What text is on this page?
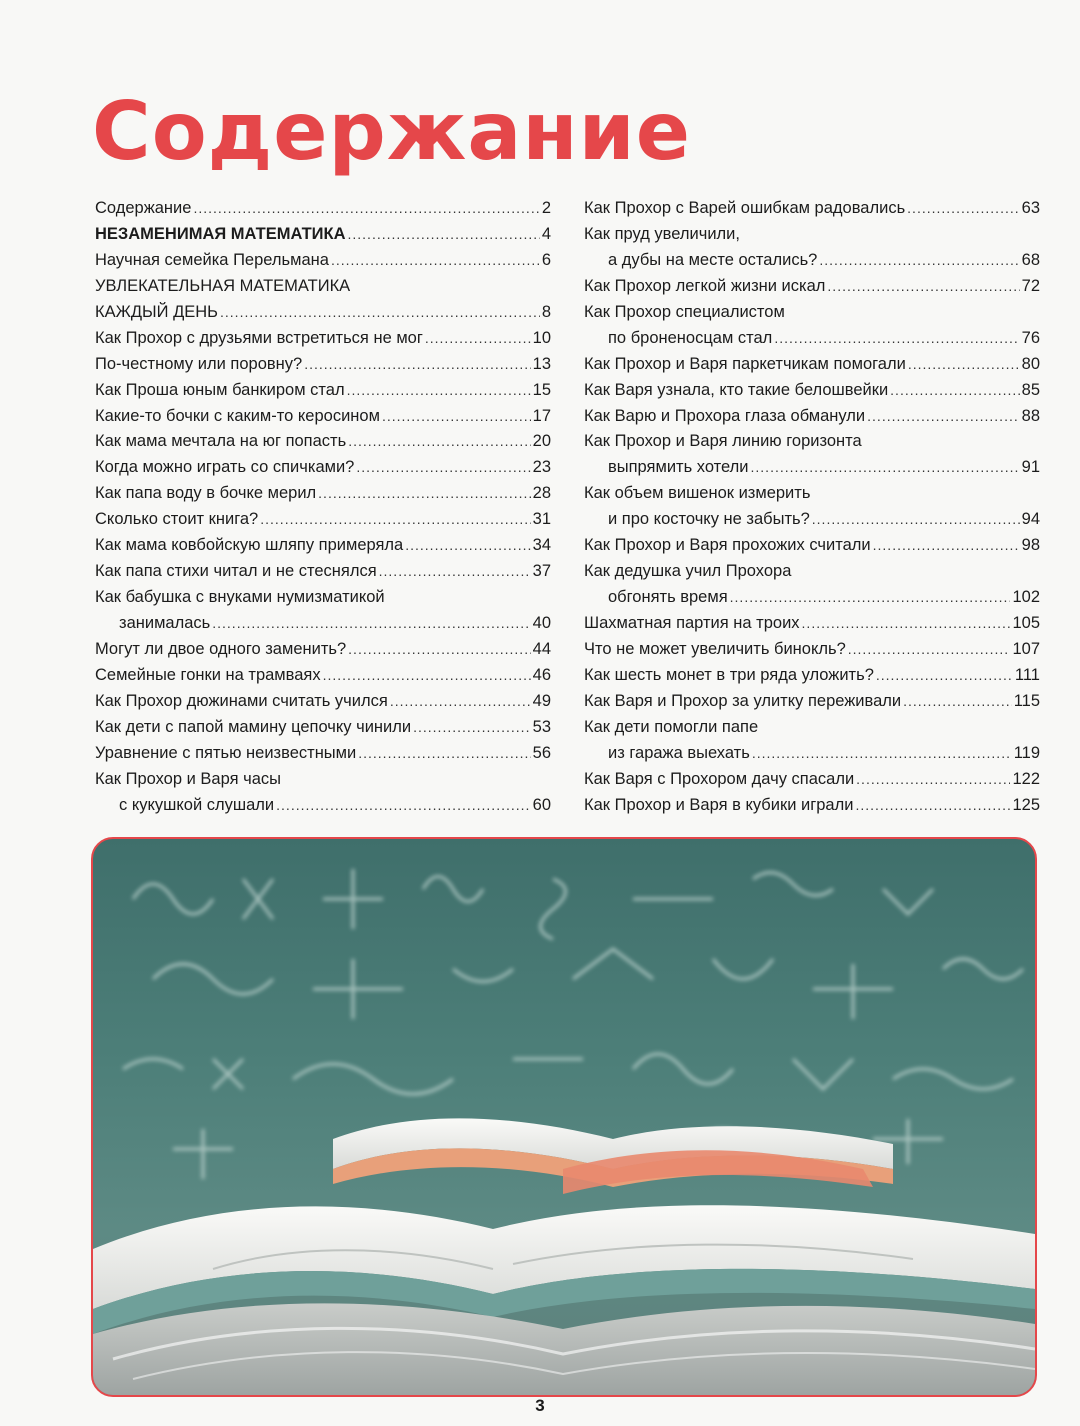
Содержание
Содержание .....	2
НЕЗАМЕНИМАЯ МАТЕМАТИКА .....	4
Научная семейка Перельмана .....	6
УВЛЕКАТЕЛЬНАЯ МАТЕМАТИКА
КАЖДЫЙ ДЕНЬ .....	8
Как Прохор с друзьями встретиться не мог .....	10
По-честному или поровну? .....	13
Как Проша юным банкиром стал .....	15
Какие-то бочки с каким-то керосином .....	17
Как мама мечтала на юг попасть .....	20
Когда можно играть со спичками? .....	23
Как папа воду в бочке мерил .....	28
Сколько стоит книга? .....	31
Как мама ковбойскую шляпу примеряла .....	34
Как папа стихи читал и не стеснялся .....	37
Как бабушка с внуками нумизматикой
занималась .....	40
Могут ли двое одного заменить? .....	44
Семейные гонки на трамваях .....	46
Как Прохор дюжинами считать учился .....	49
Как дети с папой мамину цепочку чинили .....	53
Уравнение с пятью неизвестными .....	56
Как Прохор и Варя часы
с кукушкой слушали .....	60
Как Прохор с Варей ошибкам радовались .....	63
Как пруд увеличили,
а дубы на месте остались? .....	68
Как Прохор легкой жизни искал .....	72
Как Прохор специалистом
по броненосцам стал .....	76
Как Прохор и Варя паркетчикам помогали .....	80
Как Варя узнала, кто такие белошвейки .....	85
Как Варю и Прохора глаза обманули .....	88
Как Прохор и Варя линию горизонта
выпрямить хотели .....	91
Как объем вишенок измерить
и про косточку не забыть? .....	94
Как Прохор и Варя прохожих считали .....	98
Как дедушка учил Прохора
обгонять время .....	102
Шахматная партия на троих .....	105
Что не может увеличить бинокль? .....	107
Как шесть монет в три ряда уложить? .....	111
Как Варя и Прохор за улитку переживали .....	115
Как дети помогли папе
из гаража выехать .....	119
Как Варя с Прохором дачу спасали .....	122
Как Прохор и Варя в кубики играли .....	125
3
